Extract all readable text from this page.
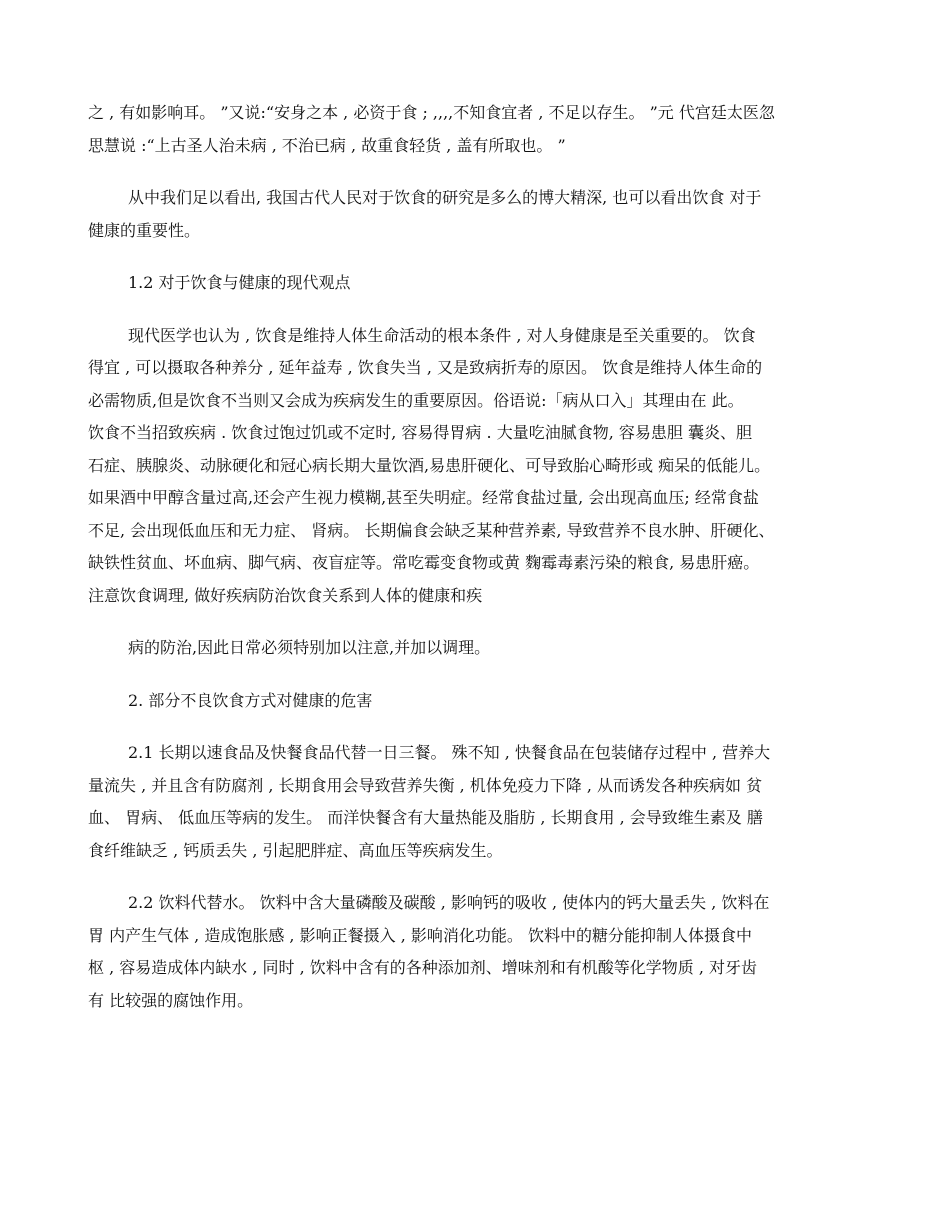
之 , 有如影响耳。 ”又说:“安身之本 , 必资于食 ; ,,,,不知食宜者 , 不足以存生。 ”元 代宫廷太医忽
思慧说 :“上古圣人治未病 , 不治已病 , 故重食轻货 , 盖有所取也。 ”

从中我们足以看出, 我国古代人民对于饮食的研究是多么的博大精深, 也可以看出饮食 对于
健康的重要性。

1.2 对于饮食与健康的现代观点

现代医学也认为 , 饮食是维持人体生命活动的根本条件 , 对人身健康是至关重要的。 饮食
得宜 , 可以摄取各种养分 , 延年益寿 , 饮食失当 , 又是致病折寿的原因。 饮食是维持人体生命的
必需物质,但是饮食不当则又会成为疾病发生的重要原因。俗语说:「病从口入」其理由在 此。
饮食不当招致疾病 . 饮食过饱过饥或不定时, 容易得胃病 . 大量吃油腻食物, 容易患胆 囊炎、胆
石症、胰腺炎、动脉硬化和冠心病长期大量饮酒,易患肝硬化、可导致胎心畸形或 痴呆的低能儿。
如果酒中甲醇含量过高,还会产生视力模糊,甚至失明症。经常食盐过量, 会出现高血压; 经常食盐
不足, 会出现低血压和无力症、 肾病。 长期偏食会缺乏某种营养素, 导致营养不良水肿、肝硬化、
缺铁性贫血、坏血病、脚气病、夜盲症等。常吃霉变食物或黄 麴霉毒素污染的粮食, 易患肝癌。
注意饮食调理, 做好疾病防治饮食关系到人体的健康和疾

病的防治,因此日常必须特别加以注意,并加以调理。

2. 部分不良饮食方式对健康的危害

2.1 长期以速食品及快餐食品代替一日三餐。 殊不知 , 快餐食品在包装储存过程中 , 营养大
量流失 , 并且含有防腐剂 , 长期食用会导致营养失衡 , 机体免疫力下降 , 从而诱发各种疾病如 贫
血、 胃病、 低血压等病的发生。 而洋快餐含有大量热能及脂肪 , 长期食用 , 会导致维生素及 膳
食纤维缺乏 , 钙质丢失 , 引起肥胖症、高血压等疾病发生。

2.2 饮料代替水。 饮料中含大量磷酸及碳酸 , 影响钙的吸收 , 使体内的钙大量丢失 , 饮料在
胃 内产生气体 , 造成饱胀感 , 影响正餐摄入 , 影响消化功能。 饮料中的糖分能抑制人体摄食中
枢 , 容易造成体内缺水 , 同时 , 饮料中含有的各种添加剂、增味剂和有机酸等化学物质 , 对牙齿
有 比较强的腐蚀作用。
